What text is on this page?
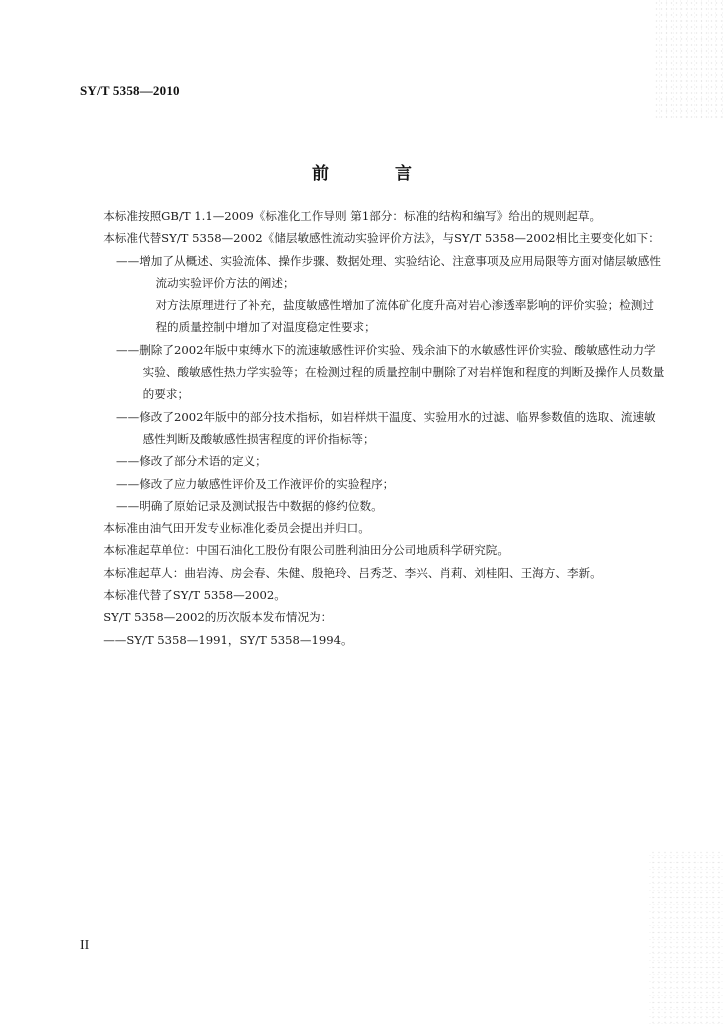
SY/T 5358—2010
前 言

本标准按照GB/T 1.1—2009《标准化工作导则 第1部分：标准的结构和编写》给出的规则起草。

本标准代替SY/T 5358—2002《储层敏感性流动实验评价方法》，与SY/T 5358—2002相比主要变化如下：

——增加了从概述、实验流体、操作步骤、数据处理、实验结论、注意事项及应用局限等方面对储层敏感性流动实验评价方法的阐述；

对方法原理进行了补充，盐度敏感性增加了流体矿化度升高对岩心渗透率影响的评价实验；检测过程的质量控制中增加了对温度稳定性要求；

——删除了2002年版中束缚水下的流速敏感性评价实验、残余油下的水敏感性评价实验、酸敏感性动力学实验、酸敏感性热力学实验等；在检测过程的质量控制中删除了对岩样饱和程度的判断及操作人员数量的要求；

——修改了2002年版中的部分技术指标，如岩样烘干温度、实验用水的过滤、临界参数值的选取、流速敏感性判断及酸敏感性损害程度的评价指标等；

——修改了部分术语的定义；

——修改了应力敏感性评价及工作液评价的实验程序；

——明确了原始记录及测试报告中数据的修约位数。

本标准由油气田开发专业标准化委员会提出并归口。

本标准起草单位：中国石油化工股份有限公司胜利油田分公司地质科学研究院。

本标准起草人：曲岩涛、房会春、朱健、殷艳玲、吕秀芝、李兴、肖莉、刘桂阳、王海方、李新。

本标准代替了SY/T 5358—2002。

SY/T 5358—2002的历次版本发布情况为：

——SY/T 5358—1991，SY/T 5358—1994。

II
